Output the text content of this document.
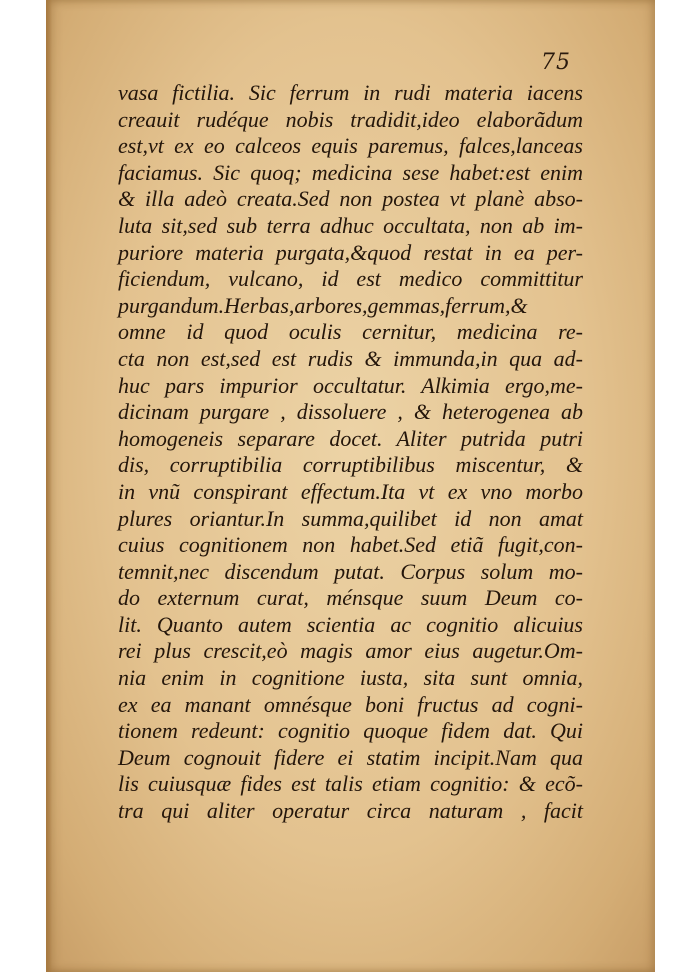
75
vasa fictilia. Sic ferrum in rudi materia iacens
creauit rudéque nobis tradidit,ideo elaborãdum
est,vt ex eo calceos equis paremus, falces,lanceas
faciamus. Sic quoq; medicina sese habet:est enim
& illa adeò creata.Sed non postea vt planè abso-
luta sit,sed sub terra adhuc occultata, non ab im-
puriore materia purgata,&quod restat in ea per-
ficiendum, vulcano, id est medico committitur
purgandum.Herbas,arbores,gemmas,ferrum,&
omne id quod oculis cernitur, medicina re-
cta non est,sed est rudis & immunda,in qua ad-
huc pars impurior occultatur. Alkimia ergo,me-
dicinam purgare , dissoluere , & heterogenea ab
homogeneis separare docet. Aliter putrida putri
dis, corruptibilia corruptibilibus miscentur, &
in vnũ conspirant effectum.Ita vt ex vno morbo
plures oriantur.In summa,quilibet id non amat
cuius cognitionem non habet.Sed etiã fugit,con-
temnit,nec discendum putat. Corpus solum mo-
do externum curat, ménsque suum Deum co-
lit. Quanto autem scientia ac cognitio alicuius
rei plus crescit,eò magis amor eius augetur.Om-
nia enim in cognitione iusta, sita sunt omnia,
ex ea manant omnésque boni fructus ad cogni-
tionem redeunt: cognitio quoque fidem dat. Qui
Deum cognouit fidere ei statim incipit.Nam qua
lis cuiusquæ fides est talis etiam cognitio: & ecõ-
tra qui aliter operatur circa naturam , facit
